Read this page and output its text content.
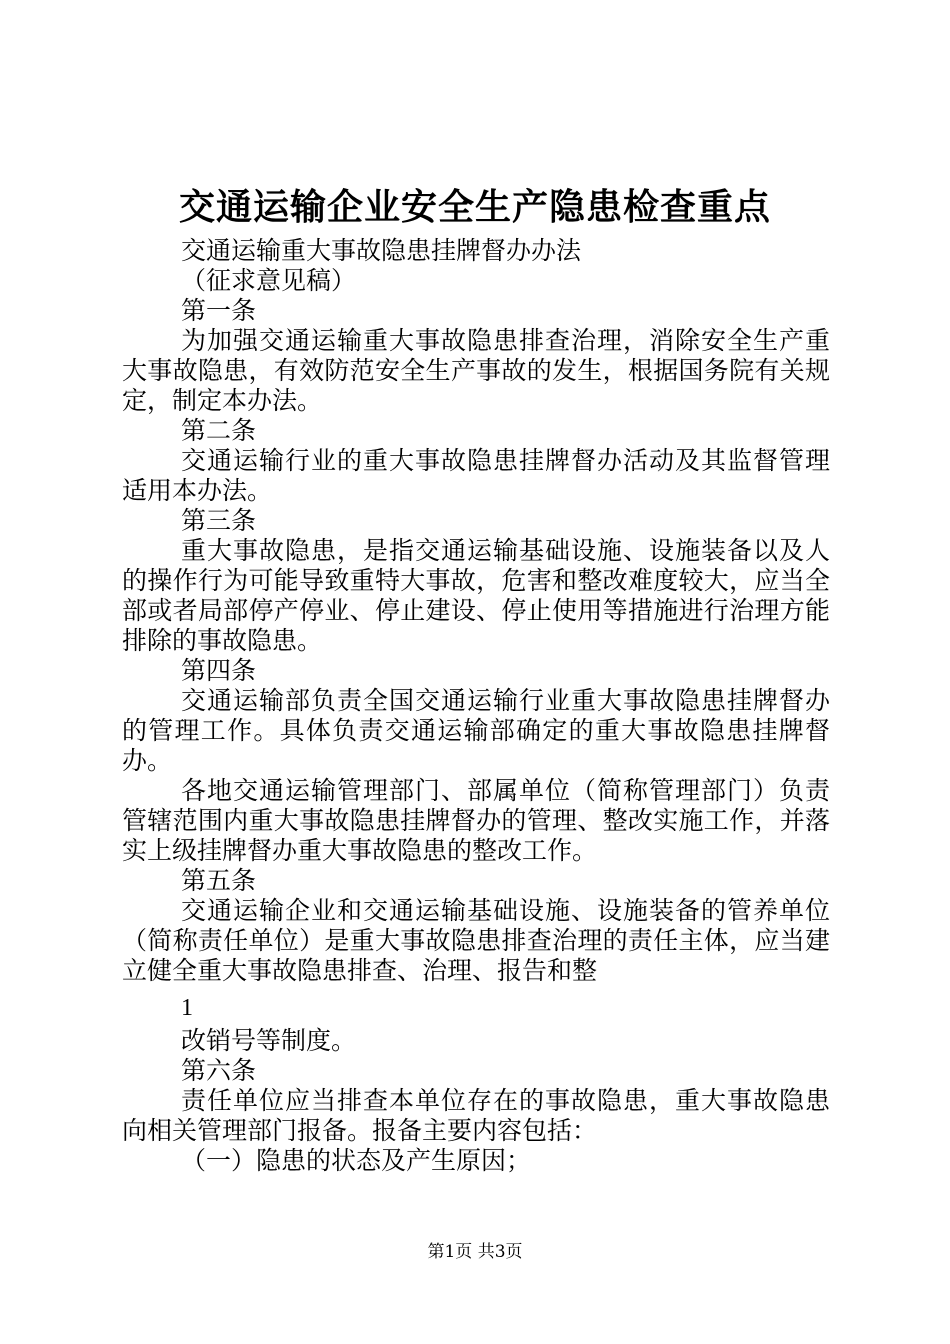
交通运输企业安全生产隐患检查重点

交通运输重大事故隐患挂牌督办办法

（征求意见稿）

第一条

为加强交通运输重大事故隐患排查治理，消除安全生产重大事故隐患，有效防范安全生产事故的发生，根据国务院有关规定，制定本办法。

第二条

交通运输行业的重大事故隐患挂牌督办活动及其监督管理适用本办法。

第三条

重大事故隐患，是指交通运输基础设施、设施装备以及人的操作行为可能导致重特大事故，危害和整改难度较大，应当全部或者局部停产停业、停止建设、停止使用等措施进行治理方能排除的事故隐患。

第四条

交通运输部负责全国交通运输行业重大事故隐患挂牌督办的管理工作。具体负责交通运输部确定的重大事故隐患挂牌督办。

各地交通运输管理部门、部属单位（简称管理部门）负责管辖范围内重大事故隐患挂牌督办的管理、整改实施工作，并落实上级挂牌督办重大事故隐患的整改工作。

第五条

交通运输企业和交通运输基础设施、设施装备的管养单位（简称责任单位）是重大事故隐患排查治理的责任主体，应当建立健全重大事故隐患排查、治理、报告和整

1

改销号等制度。

第六条

责任单位应当排查本单位存在的事故隐患，重大事故隐患向相关管理部门报备。报备主要内容包括：

（一）隐患的状态及产生原因；

第1页 共3页
